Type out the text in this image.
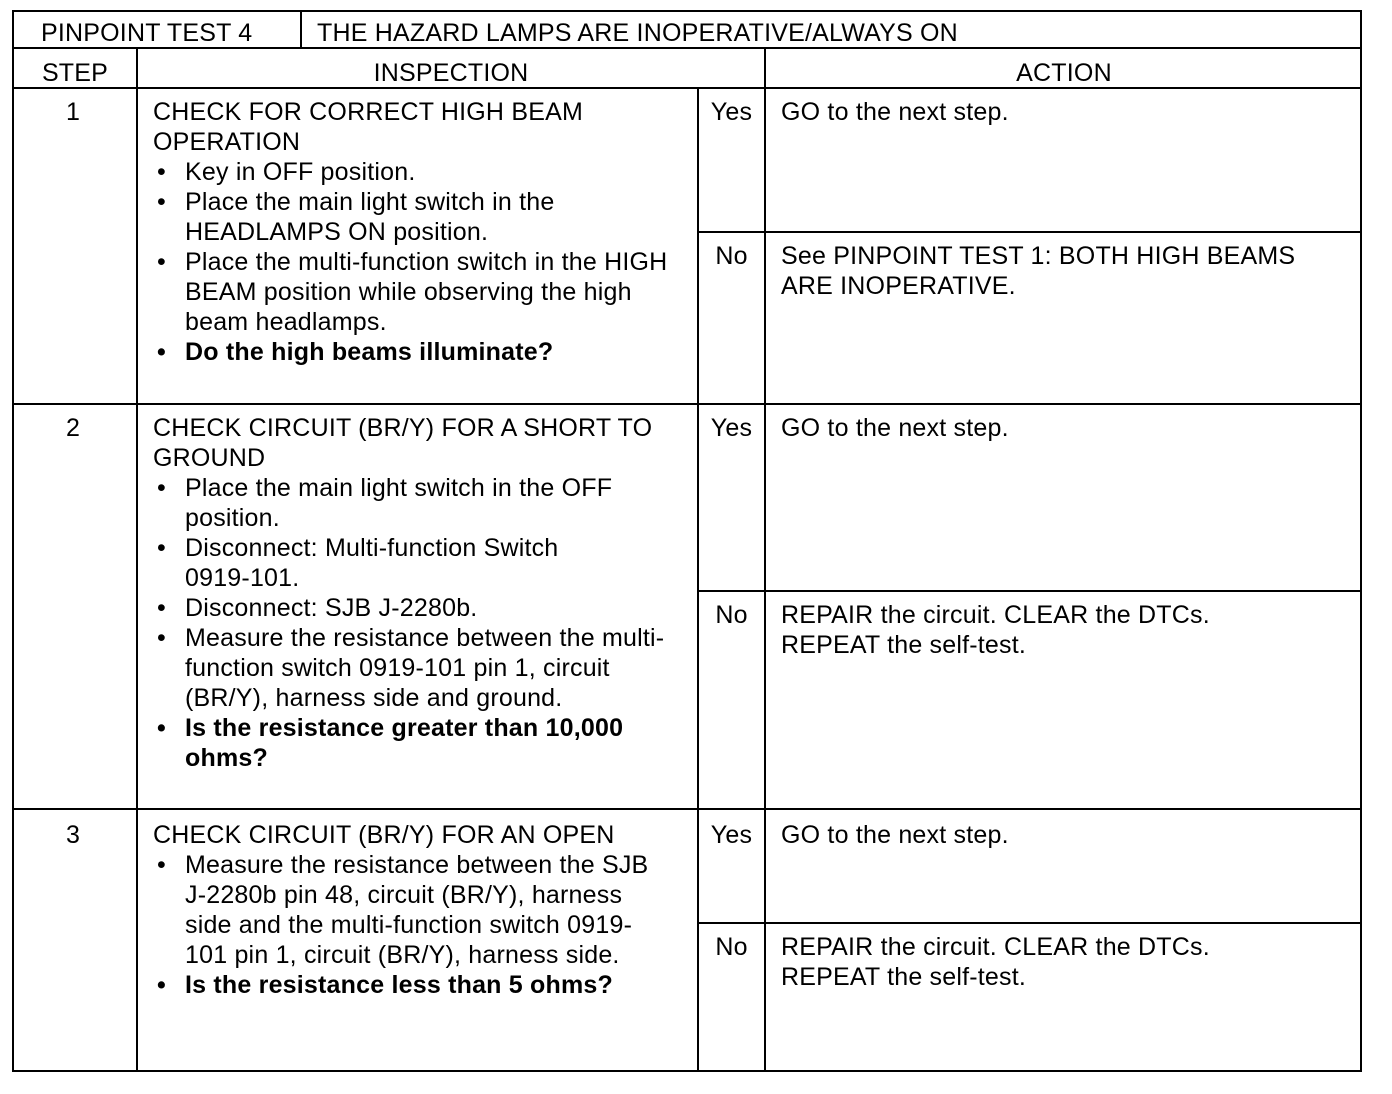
PINPOINT TEST 4	THE HAZARD LAMPS ARE INOPERATIVE/ALWAYS ON
STEP	INSPECTION	ACTION
1	CHECK FOR CORRECT HIGH BEAM OPERATION
• Key in OFF position.
• Place the main light switch in the HEADLAMPS ON position.
• Place the multi-function switch in the HIGH BEAM position while observing the high beam headlamps.
• Do the high beams illuminate?
Yes	GO to the next step.
No	See PINPOINT TEST 1: BOTH HIGH BEAMS ARE INOPERATIVE.
2	CHECK CIRCUIT (BR/Y) FOR A SHORT TO GROUND
• Place the main light switch in the OFF position.
• Disconnect: Multi-function Switch 0919-101.
• Disconnect: SJB J-2280b.
• Measure the resistance between the multi-function switch 0919-101 pin 1, circuit (BR/Y), harness side and ground.
• Is the resistance greater than 10,000 ohms?
Yes	GO to the next step.
No	REPAIR the circuit. CLEAR the DTCs. REPEAT the self-test.
3	CHECK CIRCUIT (BR/Y) FOR AN OPEN
• Measure the resistance between the SJB J-2280b pin 48, circuit (BR/Y), harness side and the multi-function switch 0919-101 pin 1, circuit (BR/Y), harness side.
• Is the resistance less than 5 ohms?
Yes	GO to the next step.
No	REPAIR the circuit. CLEAR the DTCs. REPEAT the self-test.
